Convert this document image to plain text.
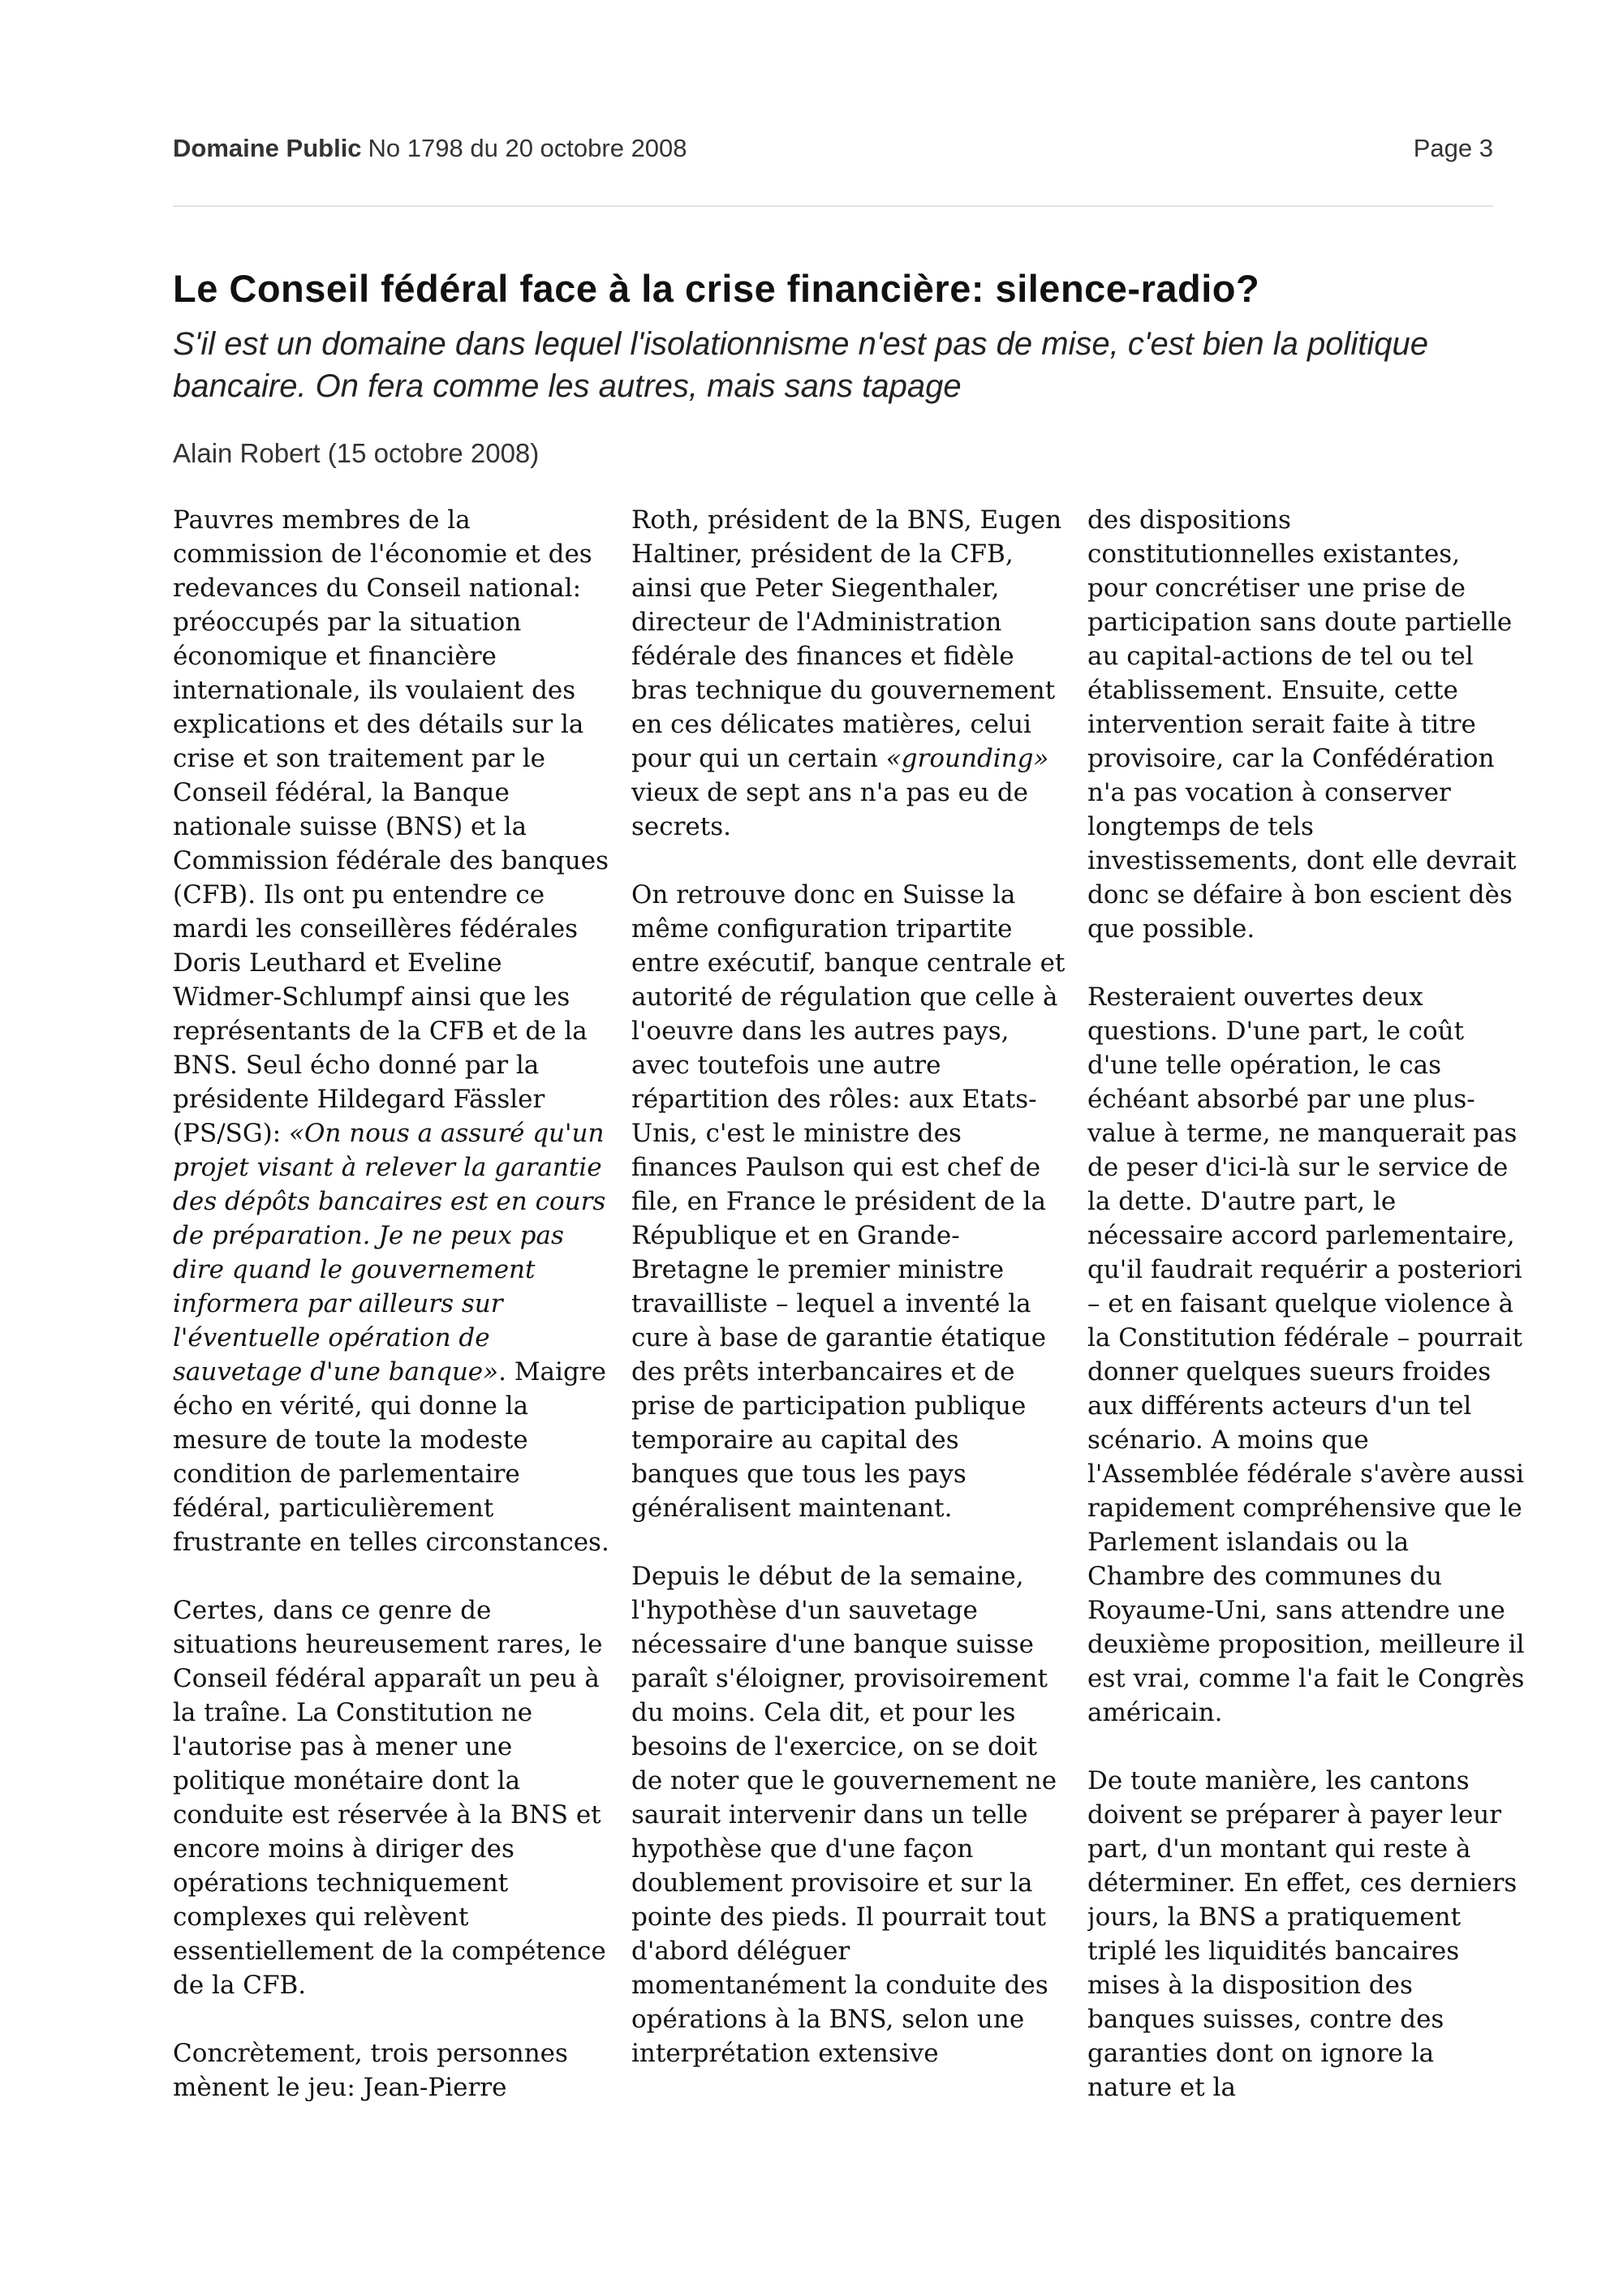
Domaine Public No 1798 du 20 octobre 2008	Page 3
Le Conseil fédéral face à la crise financière: silence-radio?

S'il est un domaine dans lequel l'isolationnisme n'est pas de mise, c'est bien la politique bancaire. On fera comme les autres, mais sans tapage

Alain Robert (15 octobre 2008)

Pauvres membres de la commission de l'économie et des redevances du Conseil national: préoccupés par la situation économique et financière internationale, ils voulaient des explications et des détails sur la crise et son traitement par le Conseil fédéral, la Banque nationale suisse (BNS) et la Commission fédérale des banques (CFB). Ils ont pu entendre ce mardi les conseillères fédérales Doris Leuthard et Eveline Widmer-Schlumpf ainsi que les représentants de la CFB et de la BNS. Seul écho donné par la présidente Hildegard Fässler (PS/SG): «On nous a assuré qu'un projet visant à relever la garantie des dépôts bancaires est en cours de préparation. Je ne peux pas dire quand le gouvernement informera par ailleurs sur l'éventuelle opération de sauvetage d'une banque». Maigre écho en vérité, qui donne la mesure de toute la modeste condition de parlementaire fédéral, particulièrement frustrante en telles circonstances.

Certes, dans ce genre de situations heureusement rares, le Conseil fédéral apparaît un peu à la traîne. La Constitution ne l'autorise pas à mener une politique monétaire dont la conduite est réservée à la BNS et encore moins à diriger des opérations techniquement complexes qui relèvent essentiellement de la compétence de la CFB.

Concrètement, trois personnes mènent le jeu: Jean-Pierre

Roth, président de la BNS, Eugen Haltiner, président de la CFB, ainsi que Peter Siegenthaler, directeur de l'Administration fédérale des finances et fidèle bras technique du gouvernement en ces délicates matières, celui pour qui un certain «grounding» vieux de sept ans n'a pas eu de secrets.

On retrouve donc en Suisse la même configuration tripartite entre exécutif, banque centrale et autorité de régulation que celle à l'oeuvre dans les autres pays, avec toutefois une autre répartition des rôles: aux Etats-Unis, c'est le ministre des finances Paulson qui est chef de file, en France le président de la République et en Grande-Bretagne le premier ministre travailliste – lequel a inventé la cure à base de garantie étatique des prêts interbancaires et de prise de participation publique temporaire au capital des banques que tous les pays généralisent maintenant.

Depuis le début de la semaine, l'hypothèse d'un sauvetage nécessaire d'une banque suisse paraît s'éloigner, provisoirement du moins. Cela dit, et pour les besoins de l'exercice, on se doit de noter que le gouvernement ne saurait intervenir dans un telle hypothèse que d'une façon doublement provisoire et sur la pointe des pieds. Il pourrait tout d'abord déléguer momentanément la conduite des opérations à la BNS, selon une interprétation extensive

des dispositions constitutionnelles existantes, pour concrétiser une prise de participation sans doute partielle au capital-actions de tel ou tel établissement. Ensuite, cette intervention serait faite à titre provisoire, car la Confédération n'a pas vocation à conserver longtemps de tels investissements, dont elle devrait donc se défaire à bon escient dès que possible.

Resteraient ouvertes deux questions. D'une part, le coût d'une telle opération, le cas échéant absorbé par une plus-value à terme, ne manquerait pas de peser d'ici-là sur le service de la dette. D'autre part, le nécessaire accord parlementaire, qu'il faudrait requérir a posteriori – et en faisant quelque violence à la Constitution fédérale – pourrait donner quelques sueurs froides aux différents acteurs d'un tel scénario. A moins que l'Assemblée fédérale s'avère aussi rapidement compréhensive que le Parlement islandais ou la Chambre des communes du Royaume-Uni, sans attendre une deuxième proposition, meilleure il est vrai, comme l'a fait le Congrès américain.

De toute manière, les cantons doivent se préparer à payer leur part, d'un montant qui reste à déterminer. En effet, ces derniers jours, la BNS a pratiquement triplé les liquidités bancaires mises à la disposition des banques suisses, contre des garanties dont on ignore la nature et la
